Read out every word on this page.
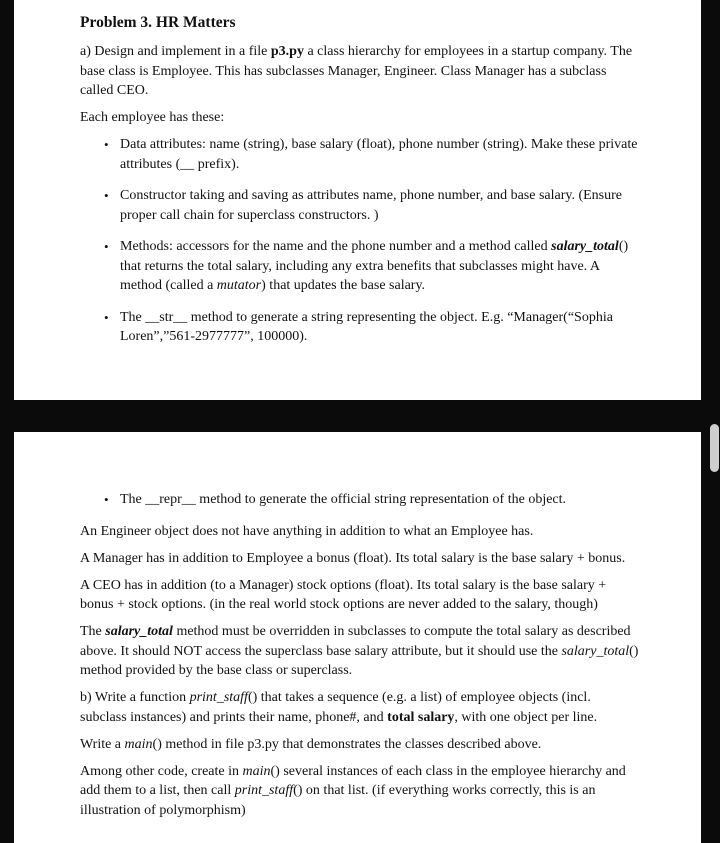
Problem 3. HR Matters

a) Design and implement in a file p3.py a class hierarchy for employees in a startup company. The base class is Employee. This has subclasses Manager, Engineer. Class Manager has a subclass called CEO.

Each employee has these:

• Data attributes: name (string), base salary (float), phone number (string). Make these private attributes (__ prefix).
• Constructor taking and saving as attributes name, phone number, and base salary. (Ensure proper call chain for superclass constructors. )
• Methods: accessors for the name and the phone number and a method called salary_total() that returns the total salary, including any extra benefits that subclasses might have. A method (called a mutator) that updates the base salary.
• The __str__ method to generate a string representing the object. E.g. “Manager(“Sophia Loren”,”561-2977777”, 100000).
• The __repr__ method to generate the official string representation of the object.

An Engineer object does not have anything in addition to what an Employee has.

A Manager has in addition to Employee a bonus (float). Its total salary is the base salary + bonus.

A CEO has in addition (to a Manager) stock options (float). Its total salary is the base salary + bonus + stock options. (in the real world stock options are never added to the salary, though)

The salary_total method must be overridden in subclasses to compute the total salary as described above. It should NOT access the superclass base salary attribute, but it should use the salary_total() method provided by the base class or superclass.

b) Write a function print_staff() that takes a sequence (e.g. a list) of employee objects (incl. subclass instances) and prints their name, phone#, and total salary, with one object per line.

Write a main() method in file p3.py that demonstrates the classes described above.

Among other code, create in main() several instances of each class in the employee hierarchy and add them to a list, then call print_staff() on that list. (if everything works correctly, this is an illustration of polymorphism)
